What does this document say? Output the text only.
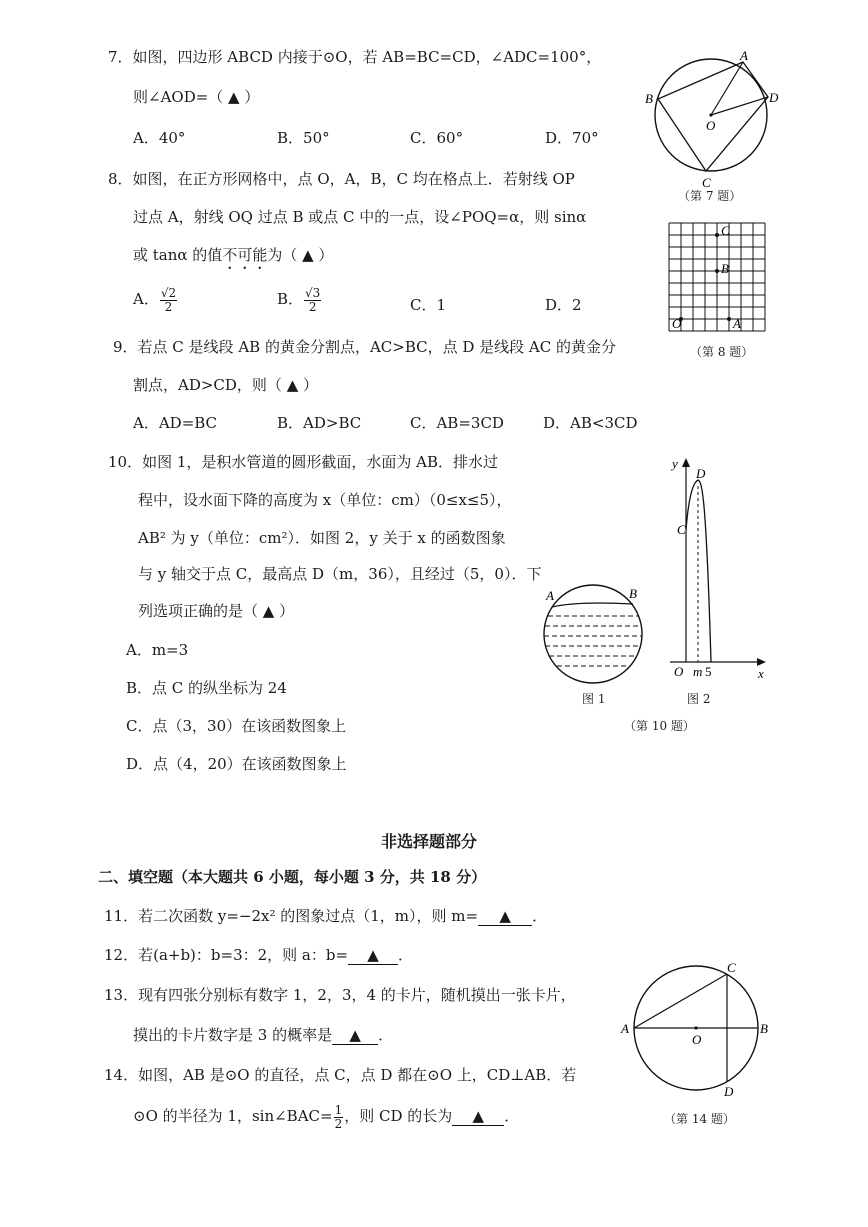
7．如图，四边形 ABCD 内接于⊙O，若 AB=BC=CD，∠ADC=100°，
则∠AOD=（ ▲ ）
A．40°	B．50°	C．60°	D．70°
A
B
C
D
O
（第 7 题）
8．如图，在正方形网格中，点 O，A，B，C 均在格点上．若射线 OP
过点 A，射线 OQ 过点 B 或点 C 中的一点，设∠POQ=α，则 sinα
或 tanα 的值不可能为（ ▲ ）
A． $\frac{√2}{2}$	B． $\frac{√3}{2}$	C．1	D．2
C
B
O	A
（第 8 题）
9．若点 C 是线段 AB 的黄金分割点，AC>BC，点 D 是线段 AC 的黄金分
割点，AD>CD，则（ ▲ ）
A．AD=BC	B．AD>BC	C．AB=3CD	D．AB<3CD
10．如图 1，是积水管道的圆形截面，水面为 AB．排水过
程中，设水面下降的高度为 x（单位：cm）（0≤x≤5），
AB² 为 y（单位：cm²）．如图 2，y 关于 x 的函数图象
与 y 轴交于点 C，最高点 D（m，36），且经过（5，0）．下
列选项正确的是（ ▲ ）
A．m=3
B．点 C 的纵坐标为 24
C．点（3，30）在该函数图象上
D．点（4，20）在该函数图象上
A	B
图 1
y
D
C
O m 5	x
图 2
（第 10 题）
非选择题部分
二、填空题（本大题共 6 小题，每小题 3 分，共 18 分）
11．若二次函数 y=−2x² 的图象过点（1，m），则 m= ▲ ．
12．若(a+b)：b=3：2，则 a：b= ▲ ．
13．现有四张分别标有数字 1，2，3，4 的卡片，随机摸出一张卡片，
摸出的卡片数字是 3 的概率是 ▲ ．
14．如图，AB 是⊙O 的直径，点 C，点 D 都在⊙O 上，CD⊥AB．若
⊙O 的半径为 1，sin∠BAC= $\frac{1}{2}$ ，则 CD 的长为 ▲ ．
C
A
O
B
D
（第 14 题）
